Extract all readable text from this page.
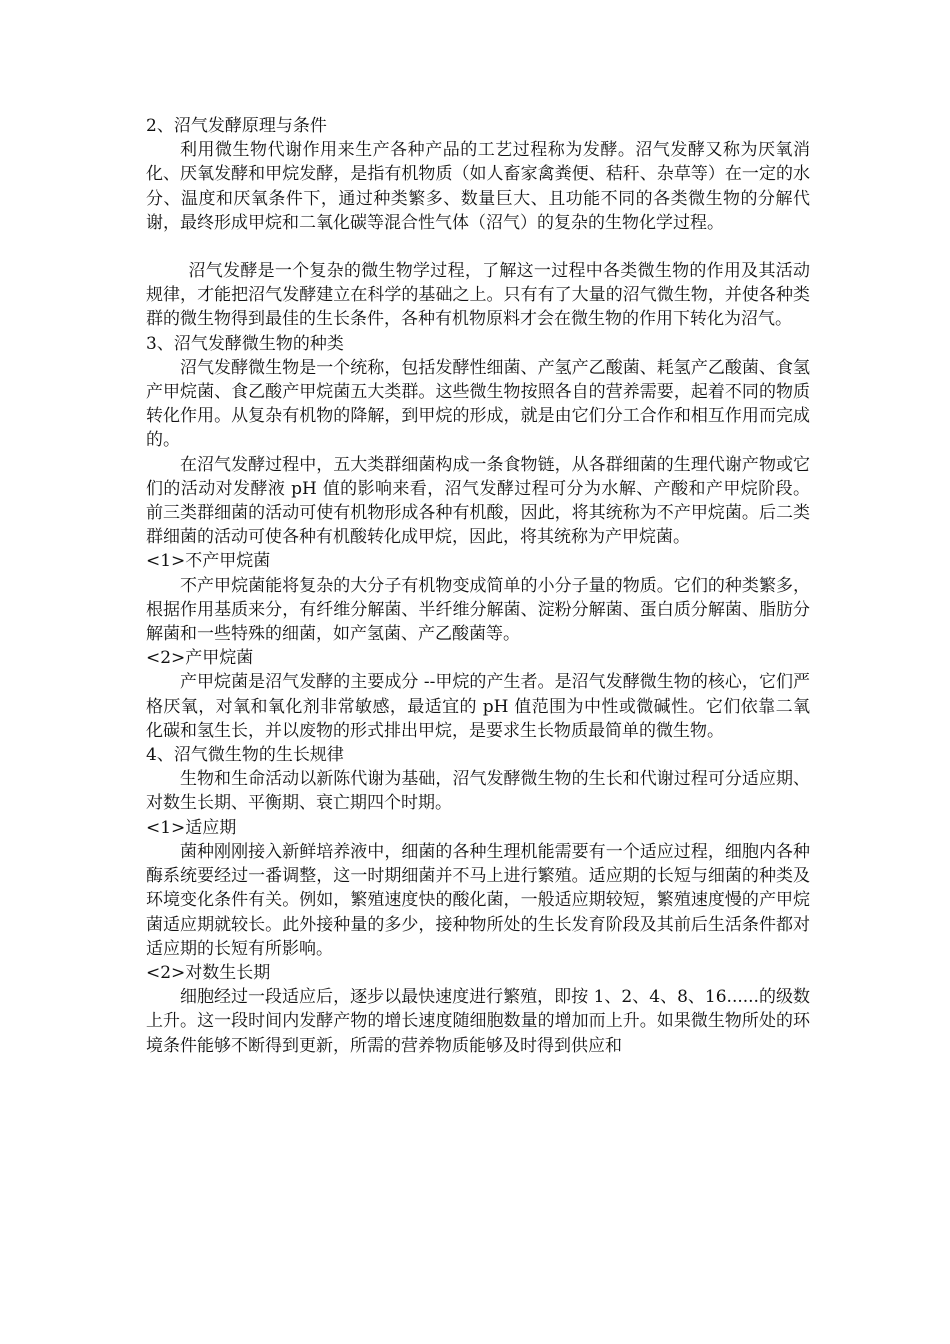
2、沼气发酵原理与条件

利用微生物代谢作用来生产各种产品的工艺过程称为发酵。沼气发酵又称为厌氧消化、厌氧发酵和甲烷发酵，是指有机物质（如人畜家禽粪便、秸秆、杂草等）在一定的水分、温度和厌氧条件下，通过种类繁多、数量巨大、且功能不同的各类微生物的分解代谢，最终形成甲烷和二氧化碳等混合性气体（沼气）的复杂的生物化学过程。

沼气发酵是一个复杂的微生物学过程，了解这一过程中各类微生物的作用及其活动规律，才能把沼气发酵建立在科学的基础之上。只有有了大量的沼气微生物，并使各种类群的微生物得到最佳的生长条件，各种有机物原料才会在微生物的作用下转化为沼气。

3、沼气发酵微生物的种类

沼气发酵微生物是一个统称，包括发酵性细菌、产氢产乙酸菌、耗氢产乙酸菌、食氢产甲烷菌、食乙酸产甲烷菌五大类群。这些微生物按照各自的营养需要，起着不同的物质转化作用。从复杂有机物的降解，到甲烷的形成，就是由它们分工合作和相互作用而完成的。

在沼气发酵过程中，五大类群细菌构成一条食物链，从各群细菌的生理代谢产物或它们的活动对发酵液 pH 值的影响来看，沼气发酵过程可分为水解、产酸和产甲烷阶段。前三类群细菌的活动可使有机物形成各种有机酸，因此，将其统称为不产甲烷菌。后二类群细菌的活动可使各种有机酸转化成甲烷，因此，将其统称为产甲烷菌。

<1>不产甲烷菌

不产甲烷菌能将复杂的大分子有机物变成简单的小分子量的物质。它们的种类繁多，根据作用基质来分，有纤维分解菌、半纤维分解菌、淀粉分解菌、蛋白质分解菌、脂肪分解菌和一些特殊的细菌，如产氢菌、产乙酸菌等。

<2>产甲烷菌

产甲烷菌是沼气发酵的主要成分 --甲烷的产生者。是沼气发酵微生物的核心，它们严格厌氧，对氧和氧化剂非常敏感，最适宜的 pH 值范围为中性或微碱性。它们依靠二氧化碳和氢生长，并以废物的形式排出甲烷，是要求生长物质最简单的微生物。

4、沼气微生物的生长规律

生物和生命活动以新陈代谢为基础，沼气发酵微生物的生长和代谢过程可分适应期、对数生长期、平衡期、衰亡期四个时期。

<1>适应期

菌种刚刚接入新鲜培养液中，细菌的各种生理机能需要有一个适应过程，细胞内各种酶系统要经过一番调整，这一时期细菌并不马上进行繁殖。适应期的长短与细菌的种类及环境变化条件有关。例如，繁殖速度快的酸化菌，一般适应期较短，繁殖速度慢的产甲烷菌适应期就较长。此外接种量的多少，接种物所处的生长发育阶段及其前后生活条件都对适应期的长短有所影响。

<2>对数生长期

细胞经过一段适应后，逐步以最快速度进行繁殖，即按 1、2、4、8、16......的级数上升。这一段时间内发酵产物的增长速度随细胞数量的增加而上升。如果微生物所处的环境条件能够不断得到更新，所需的营养物质能够及时得到供应和
